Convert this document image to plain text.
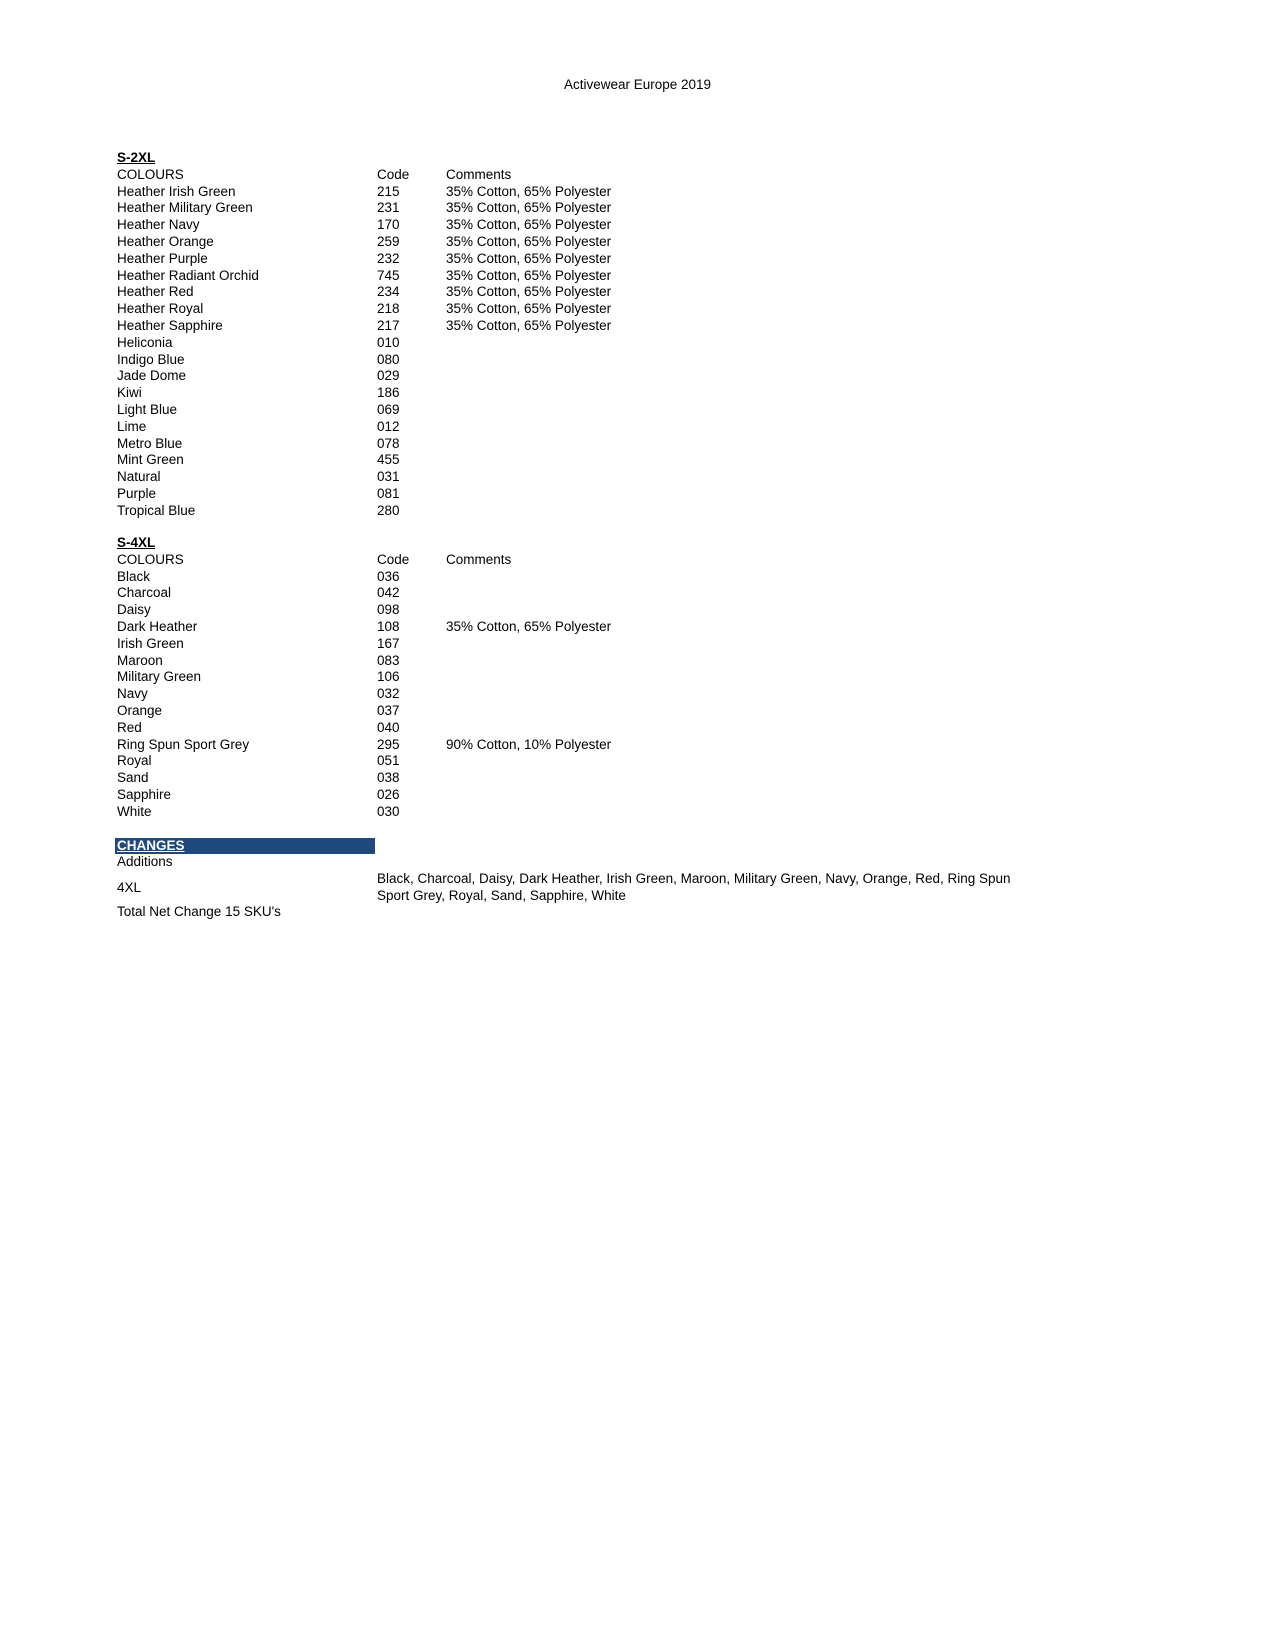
Activewear Europe 2019
S-2XL
COLOURS	Code	Comments
Heather Irish Green	215	35% Cotton, 65% Polyester
Heather Military Green	231	35% Cotton, 65% Polyester
Heather Navy	170	35% Cotton, 65% Polyester
Heather Orange	259	35% Cotton, 65% Polyester
Heather Purple	232	35% Cotton, 65% Polyester
Heather Radiant Orchid	745	35% Cotton, 65% Polyester
Heather Red	234	35% Cotton, 65% Polyester
Heather Royal	218	35% Cotton, 65% Polyester
Heather Sapphire	217	35% Cotton, 65% Polyester
Heliconia	010
Indigo Blue	080
Jade Dome	029
Kiwi	186
Light Blue	069
Lime	012
Metro Blue	078
Mint Green	455
Natural	031
Purple	081
Tropical Blue	280
S-4XL
COLOURS	Code	Comments
Black	036
Charcoal	042
Daisy	098
Dark Heather	108	35% Cotton, 65% Polyester
Irish Green	167
Maroon	083
Military Green	106
Navy	032
Orange	037
Red	040
Ring Spun Sport Grey	295	90% Cotton, 10% Polyester
Royal	051
Sand	038
Sapphire	026
White	030
CHANGES
Additions
4XL
Black, Charcoal, Daisy, Dark Heather, Irish Green, Maroon, Military Green, Navy, Orange, Red, Ring Spun Sport Grey, Royal, Sand, Sapphire, White
Total Net Change 15 SKU's
